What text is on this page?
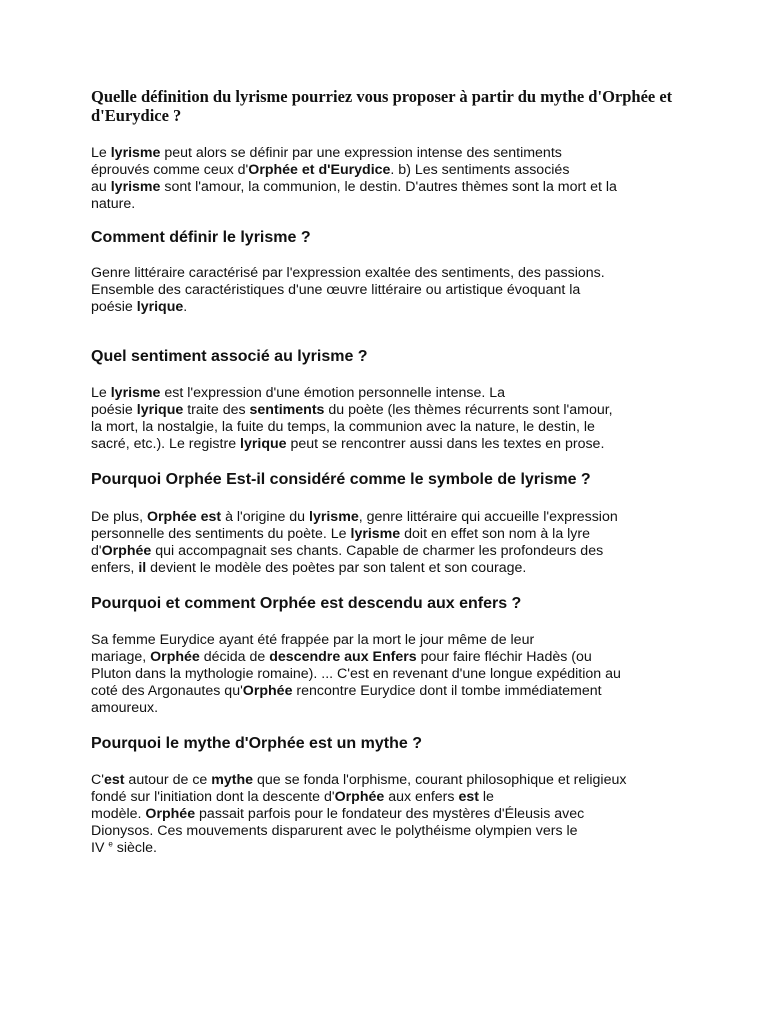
Quelle définition du lyrisme pourriez vous proposer à partir du mythe d'Orphée et d'Eurydice ?
Le lyrisme peut alors se définir par une expression intense des sentiments
éprouvés comme ceux d'Orphée et d'Eurydice. b) Les sentiments associés
au lyrisme sont l'amour, la communion, le destin. D'autres thèmes sont la mort et la
nature.
Comment définir le lyrisme ?
Genre littéraire caractérisé par l'expression exaltée des sentiments, des passions.
Ensemble des caractéristiques d'une œuvre littéraire ou artistique évoquant la
poésie lyrique.
Quel sentiment associé au lyrisme ?
Le lyrisme est l'expression d'une émotion personnelle intense. La
poésie lyrique traite des sentiments du poète (les thèmes récurrents sont l'amour,
la mort, la nostalgie, la fuite du temps, la communion avec la nature, le destin, le
sacré, etc.). Le registre lyrique peut se rencontrer aussi dans les textes en prose.
Pourquoi Orphée Est-il considéré comme le symbole de lyrisme ?
De plus, Orphée est à l'origine du lyrisme, genre littéraire qui accueille l'expression
personnelle des sentiments du poète. Le lyrisme doit en effet son nom à la lyre
d'Orphée qui accompagnait ses chants. Capable de charmer les profondeurs des
enfers, il devient le modèle des poètes par son talent et son courage.
Pourquoi et comment Orphée est descendu aux enfers ?
Sa femme Eurydice ayant été frappée par la mort le jour même de leur
mariage, Orphée décida de descendre aux Enfers pour faire fléchir Hadès (ou
Pluton dans la mythologie romaine). ... C'est en revenant d'une longue expédition au
coté des Argonautes qu'Orphée rencontre Eurydice dont il tombe immédiatement
amoureux.
Pourquoi le mythe d'Orphée est un mythe ?
C'est autour de ce mythe que se fonda l'orphisme, courant philosophique et religieux
fondé sur l'initiation dont la descente d'Orphée aux enfers est le
modèle. Orphée passait parfois pour le fondateur des mystères d'Éleusis avec
Dionysos. Ces mouvements disparurent avec le polythéisme olympien vers le
IV $^e$ siècle.
